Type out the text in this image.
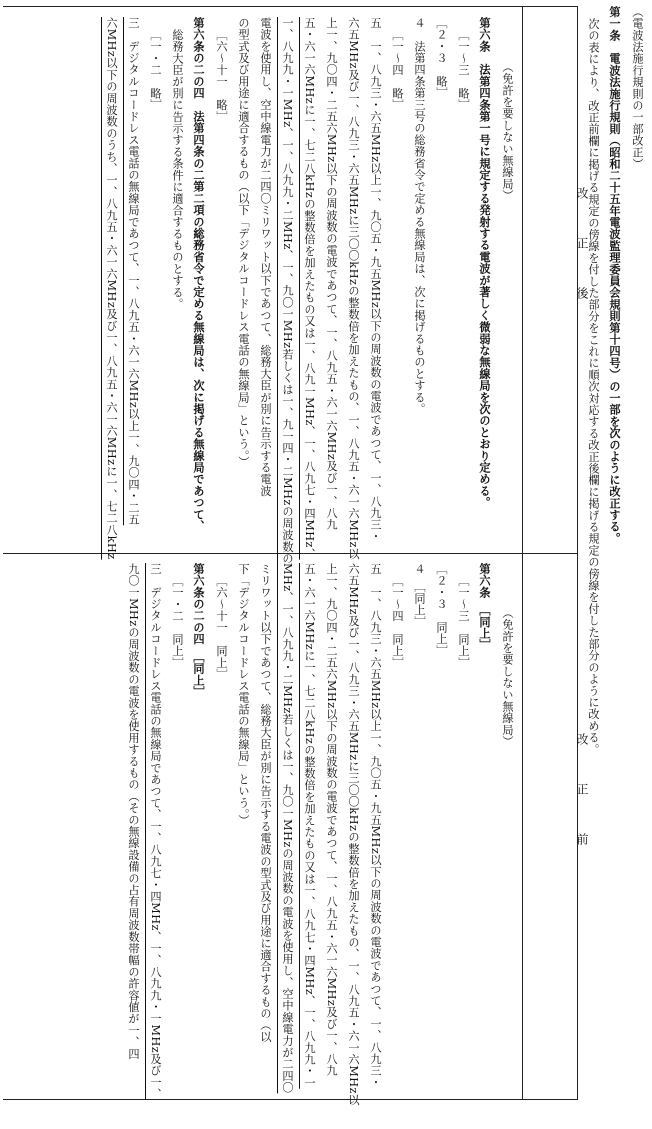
（電波法施行規則の一部改正）
第一条　電波法施行規則（昭和二十五年電波監理委員会規則第十四号）の一部を次のように改正する。
次の表により、改正前欄に掲げる規定の傍線を付した部分をこれに順次対応する改正後欄に掲げる規定の傍線を付した部分のように改める。
改　　　正　　　後
改　　　正　　　前
（免許を要しない無線局）
第六条　法第四条第一号に規定する発射する電波が著しく微弱な無線局を次のとおり定める。
［一～三　略］
［２・３　略］
４　法第四条第三号の総務省令で定める無線局は、次に掲げるものとする。
［一～四　略］
五　一、八九三・六五MHz以上一、九〇五・九五MHz以下の周波数の電波であつて、一、八九三・
六五MHz及び一、八九三・六五MHzに三〇〇kHzの整数倍を加えたもの、一、八九五・六一六MHz以
上一、九〇四・二五六MHz以下の周波数の電波であつて、一、八九五・六一六MHz及び一、八九
五・六一六MHzに一、七二八kHzの整数倍を加えたもの又は一、八九一MHz、一、八九七・四MHz、
一、八九九・一MHz、一、八九九・二MHz、一、九〇一MHz若しくは一、九一四・二MHzの周波数の
電波を使用し、空中線電力が二四〇ミリワット以下であつて、総務大臣が別に告示する電波
の型式及び用途に適合するもの（以下「デジタルコードレス電話の無線局」という。）
［六～十一　略］
第六条の二の四　法第四条の二第二項の総務省令で定める無線局は、次に掲げる無線局であつて、
総務大臣が別に告示する条件に適合するものとする。
［一・二　略］
三　デジタルコードレス電話の無線局であつて、一、八九五・六一六MHz以上一、九〇四・二五
六MHz以下の周波数のうち、一、八九五・六一六MHz及び一、八九五・六一六MHzに一、七二八kHz
（免許を要しない無線局）
第六条　［同上］
［一～三　同上］
［２・３　同上］
４　［同上］
［一～四　同上］
五　一、八九三・六五MHz以上一、九〇五・九五MHz以下の周波数の電波であつて、一、八九三・
六五MHz及び一、八九三・六五MHzに三〇〇kHzの整数倍を加えたもの、一、八九五・六一六MHz以
上一、九〇四・二五六MHz以下の周波数の電波であつて、一、八九五・六一六MHz及び一、八九
五・六一六MHzに一、七二八kHzの整数倍を加えたもの又は一、八九七・四MHz、一、八九九・一
MHz、一、八九九・二MHz若しくは一、九〇一MHzの周波数の電波を使用し、空中線電力が二四〇
ミリワット以下であつて、総務大臣が別に告示する電波の型式及び用途に適合するもの（以
下「デジタルコードレス電話の無線局」という。）
［六～十一　同上］
第六条の二の四　［同上］
［一・二　同上］
三　デジタルコードレス電話の無線局であつて、一、八九七・四MHz、一、八九九・一MHz及び一、
九〇一MHzの周波数の電波を使用するもの（その無線設備の占有周波数帯幅の許容値が一、四
